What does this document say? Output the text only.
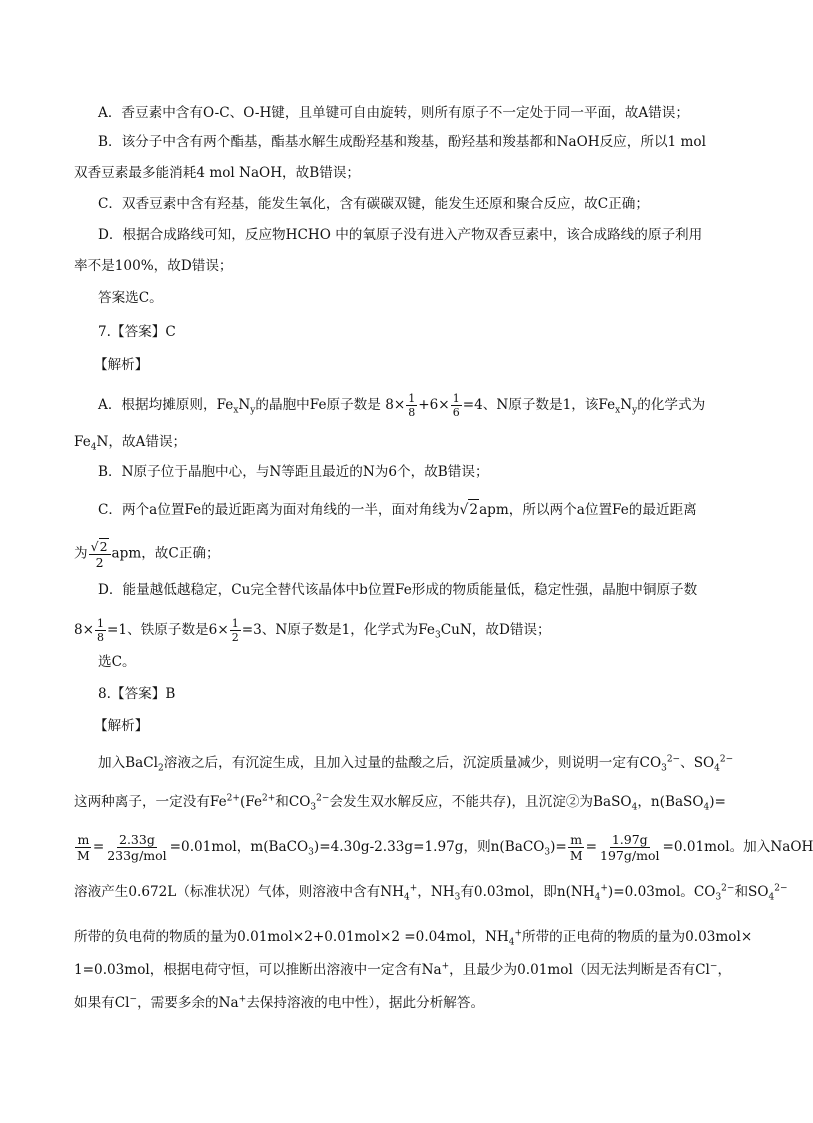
A．香豆素中含有O-C、O-H键，且单键可自由旋转，则所有原子不一定处于同一平面，故A错误；
B．该分子中含有两个酯基，酯基水解生成酚羟基和羧基，酚羟基和羧基都和NaOH反应，所以1 mol
双香豆素最多能消耗4 mol NaOH，故B错误；
C．双香豆素中含有羟基，能发生氧化，含有碳碳双键，能发生还原和聚合反应，故C正确；
D．根据合成路线可知，反应物HCHO 中的氧原子没有进入产物双香豆素中，该合成路线的原子利用
率不是100%，故D错误；
答案选C。
7.【答案】C
【解析】
A．根据均摊原则，$Fe_xN_y$的晶胞中Fe原子数是 $8\times \frac{1}{8} +6\times \frac{1}{6} =4$、N原子数是1，该$Fe_xN_y$的化学式为
$Fe_4N$，故A错误；
B．N原子位于晶胞中心，与N等距且最近的N为6个，故B错误；
C．两个a位置Fe的最近距离为面对角线的一半，面对角线为√2apm，所以两个a位置Fe的最近距离
为 $\frac{√2}{2}$ apm，故C正确；
D．能量越低越稳定，Cu完全替代该晶体中b位置Fe形成的物质能量低，稳定性强，晶胞中铜原子数
$8\times \frac{1}{8} =1$、铁原子数是$6\times \frac{1}{2} =3$、N原子数是1，化学式为$Fe_3CuN$，故D错误；
选C。
8.【答案】B
【解析】
加入BaCl$_2$溶液之后，有沉淀生成，且加入过量的盐酸之后，沉淀质量减少，则说明一定有$CO_3^{2-}$、$SO_4^{2-}$
这两种离子，一定没有$Fe^{2+}(Fe^{2+}$和$CO_3^{2-}$会发生双水解反应，不能共存)，且沉淀②为BaSO$_4$，n(BaSO$_4$)=
$\frac{m}{M} = 2.33g$
233g/mol
=0.01mol，m(BaCO$_3$)=4.30g-2.33g=1.97g，则n(BaCO$_3$)= $\frac{m}{M} = 1.97g$
197g/mol
=0.01mol。加入NaOH
溶液产生0.672L（标准状况）气体，则溶液中含有$NH_4^+$，$NH_3$有0.03mol，即$n(NH_4^+)=0.03mol$。$CO_3^{2-}$和$SO_4^{2-}$
所带的负电荷的物质的量为0.01mol×2+0.01mol×2 =0.04mol，$NH_4^+$所带的正电荷的物质的量为0.03mol×
1=0.03mol，根据电荷守恒，可以推断出溶液中一定含有Na+，且最少为0.01mol（因无法判断是否有Cl−，
如果有Cl−，需要多余的Na+去保持溶液的电中性），据此分析解答。
